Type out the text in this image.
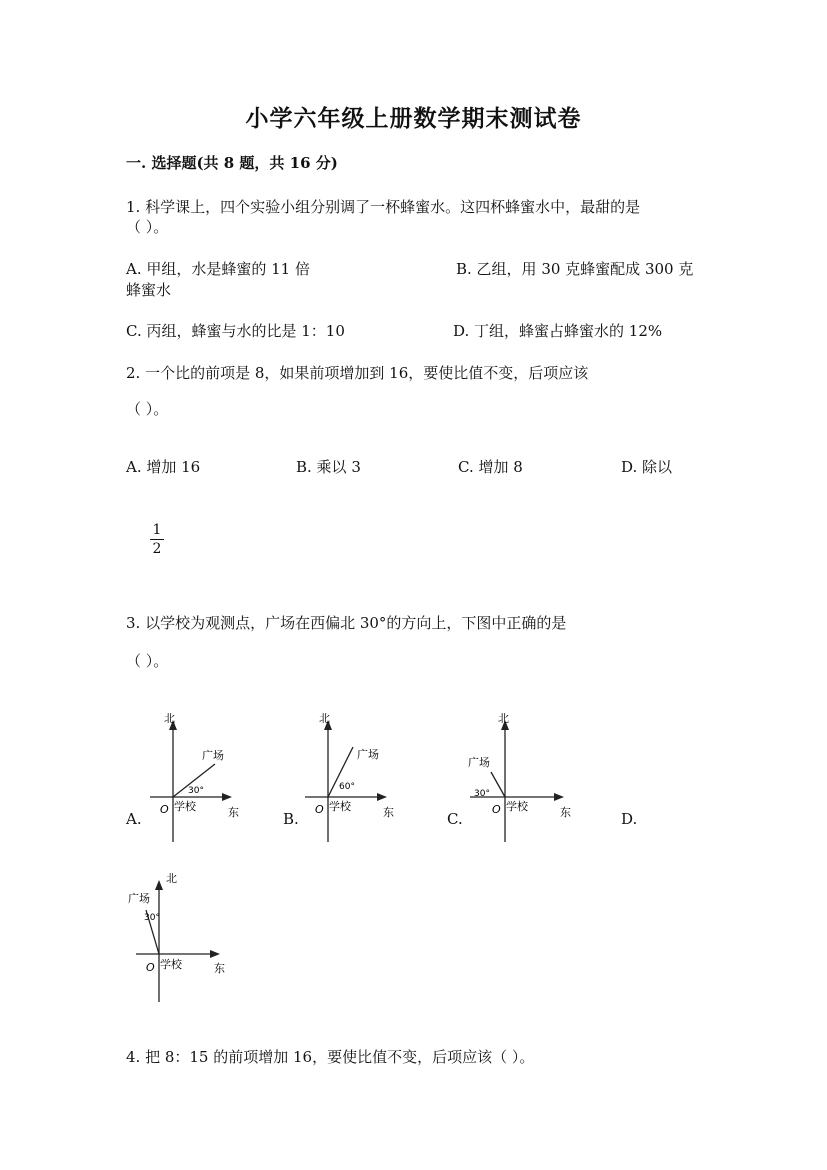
小学六年级上册数学期末测试卷
一. 选择题(共 8 题，共 16 分)
1. 科学课上，四个实验小组分别调了一杯蜂蜜水。这四杯蜂蜜水中，最甜的是
（ ）。
A. 甲组，水是蜂蜜的 11 倍	B. 乙组，用 30 克蜂蜜配成 300 克
蜂蜜水
C. 丙组，蜂蜜与水的比是 1：10	D. 丁组，蜂蜜占蜂蜜水的 12%
2. 一个比的前项是 8，如果前项增加到 16，要使比值不变，后项应该
（ ）。
A. 增加 16	B. 乘以 3	C. 增加 8	D. 除以
1
2
3. 以学校为观测点，广场在西偏北 30°的方向上，下图中正确的是
（ ）。
A.	B.	C.	D.
北
广场
30°
O 学校	东
北
广场
60°
O 学校	东
北
广场
30°
O 学校	东
北
广场
30°
O 学校	东
4. 把 8：15 的前项增加 16，要使比值不变，后项应该（ ）。
